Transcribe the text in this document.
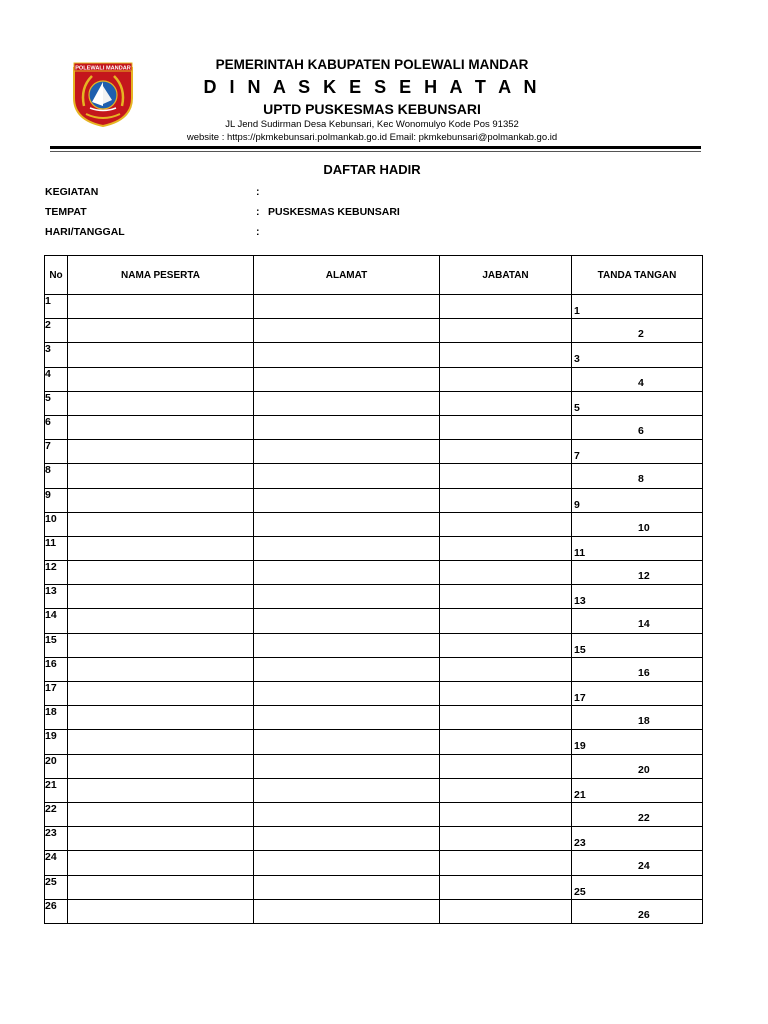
POLEWALI MANDAR	PEMERINTAH KABUPATEN POLEWALI MANDAR
D I N A S K E S E H A T A N
UPTD PUSKESMAS KEBUNSARI
JL Jend Sudirman Desa Kebunsari, Kec Wonomulyo Kode Pos 91352
website : https://pkmkebunsari.polmankab.go.id Email: pkmkebunsari@polmankab.go.id
DAFTAR HADIR
KEGIATAN	:
TEMPAT	: PUSKESMAS KEBUNSARI
HARI/TANGGAL	:
No	NAMA PESERTA	ALAMAT	JABATAN	TANDA TANGAN
1				1

2				2

3				3

4				4

5				5

6				6

7				7

8				8

9				9

10				10

11				11

12				12

13				13

14				14

15				15

16				16

17				17

18				18

19				19

20				20

21				21

22				22

23				23

24				24

25				25

26				26
